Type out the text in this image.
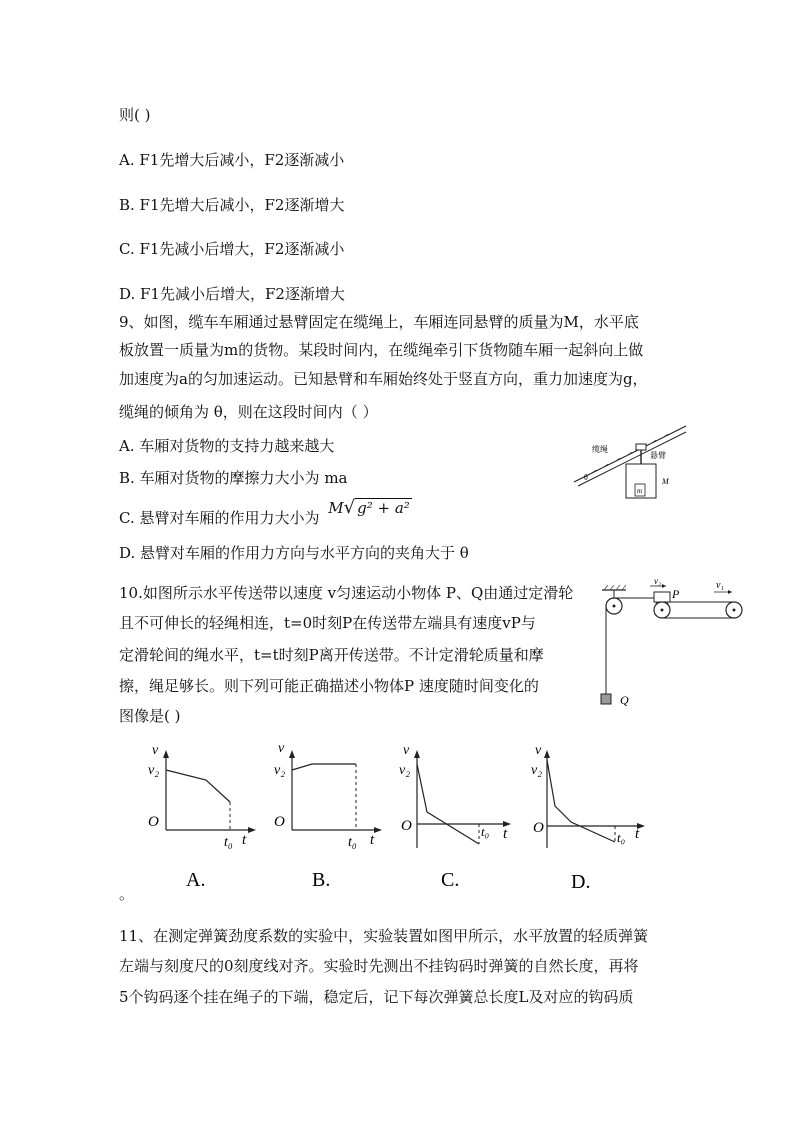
则( )
A. F1先增大后减小，F2逐渐减小
B. F1先增大后减小，F2逐渐增大
C. F1先减小后增大，F2逐渐减小
D. F1先减小后增大，F2逐渐增大
9、如图，缆车车厢通过悬臂固定在缆绳上，车厢连同悬臂的质量为M，水平底
板放置一质量为m的货物。某段时间内，在缆绳牵引下货物随车厢一起斜向上做
加速度为a的匀加速运动。已知悬臂和车厢始终处于竖直方向，重力加速度为g，
缆绳的倾角为 θ，则在这段时间内（ ）
A. 车厢对货物的支持力越来越大
B. 车厢对货物的摩擦力大小为 ma
C. 悬臂对车厢的作用力大小为 M√ g² + a²
D. 悬臂对车厢的作用力方向与水平方向的夹角大于 θ
缆绳
悬臂
θ	M
m
10.如图所示水平传送带以速度 v匀速运动小物体 P、Q由通过定滑轮
且不可伸长的轻绳相连，t=0时刻P在传送带左端具有速度vP与
定滑轮间的绳水平，t=t时刻P离开传送带。不计定滑轮质量和摩
擦，绳足够长。则下列可能正确描述小物体P 速度随时间变化的
图像是( )
Q
P
v₂	v₁
v
v₂
O
t₀ t
A.
v
v₂
O
t₀ t
B.
v
v₂
O	t₀ t
C.
v
v₂
O
t₀ t
D.
。
11、在测定弹簧劲度系数的实验中，实验装置如图甲所示，水平放置的轻质弹簧
左端与刻度尺的0刻度线对齐。实验时先测出不挂钩码时弹簧的自然长度，再将
5个钩码逐个挂在绳子的下端，稳定后，记下每次弹簧总长度L及对应的钩码质
